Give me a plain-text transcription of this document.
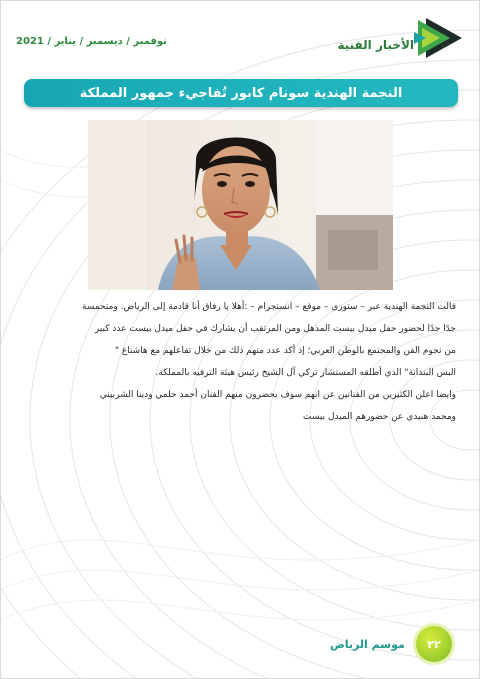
الأخبار الفنية
نوفمبر / ديسمبر / يناير / 2021
النجمة الهندية سونام كابور تُفاجيء جمهور المملكة

قالت النجمة الهندية عبر – ستوري – موقع – انستجرام – :أهلا يا رفاق أنا قادمة إلى الرياض. ومتحمسة

جدًا جدًا لحضور حفل ميدل بيست المذهل ومن المرتقب أن يشارك في حفل ميدل بيست عدد كبير

من نجوم الفن والمجتمع بالوطن العربي؛ إذ أكد عدد منهم ذلك من خلال تفاعلهم مع هاشتاغ "

البس البندانة" الذي أطلقه المستشار تركي آل الشيخ رئيس هيئة الترفيه بالمملكة.

وايضا اعلن الكثيرين من الفنانين عن انهم سوف يحضرون منهم الفنان أحمد حلمي ودينا الشربيني

ومحمد هنيدي عن حضورهم الميدل بيست

٢٢
موسم الرياض
